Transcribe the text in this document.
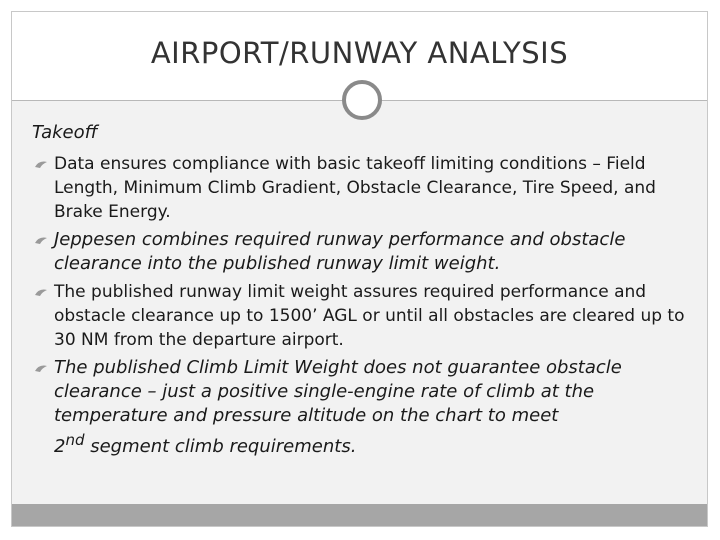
AIRPORT/RUNWAY ANALYSIS
Takeoff
Data ensures compliance with basic takeoff limiting conditions – Field Length, Minimum Climb Gradient, Obstacle Clearance, Tire Speed, and Brake Energy.
Jeppesen combines required runway performance and obstacle clearance into the published runway limit weight.
The published runway limit weight assures required performance and obstacle clearance up to 1500’ AGL or until all obstacles are cleared up to 30 NM from the departure airport.
The published Climb Limit Weight does not guarantee obstacle clearance – just a positive single-engine rate of climb at the temperature and pressure altitude on the chart to meet
2nd segment climb requirements.
